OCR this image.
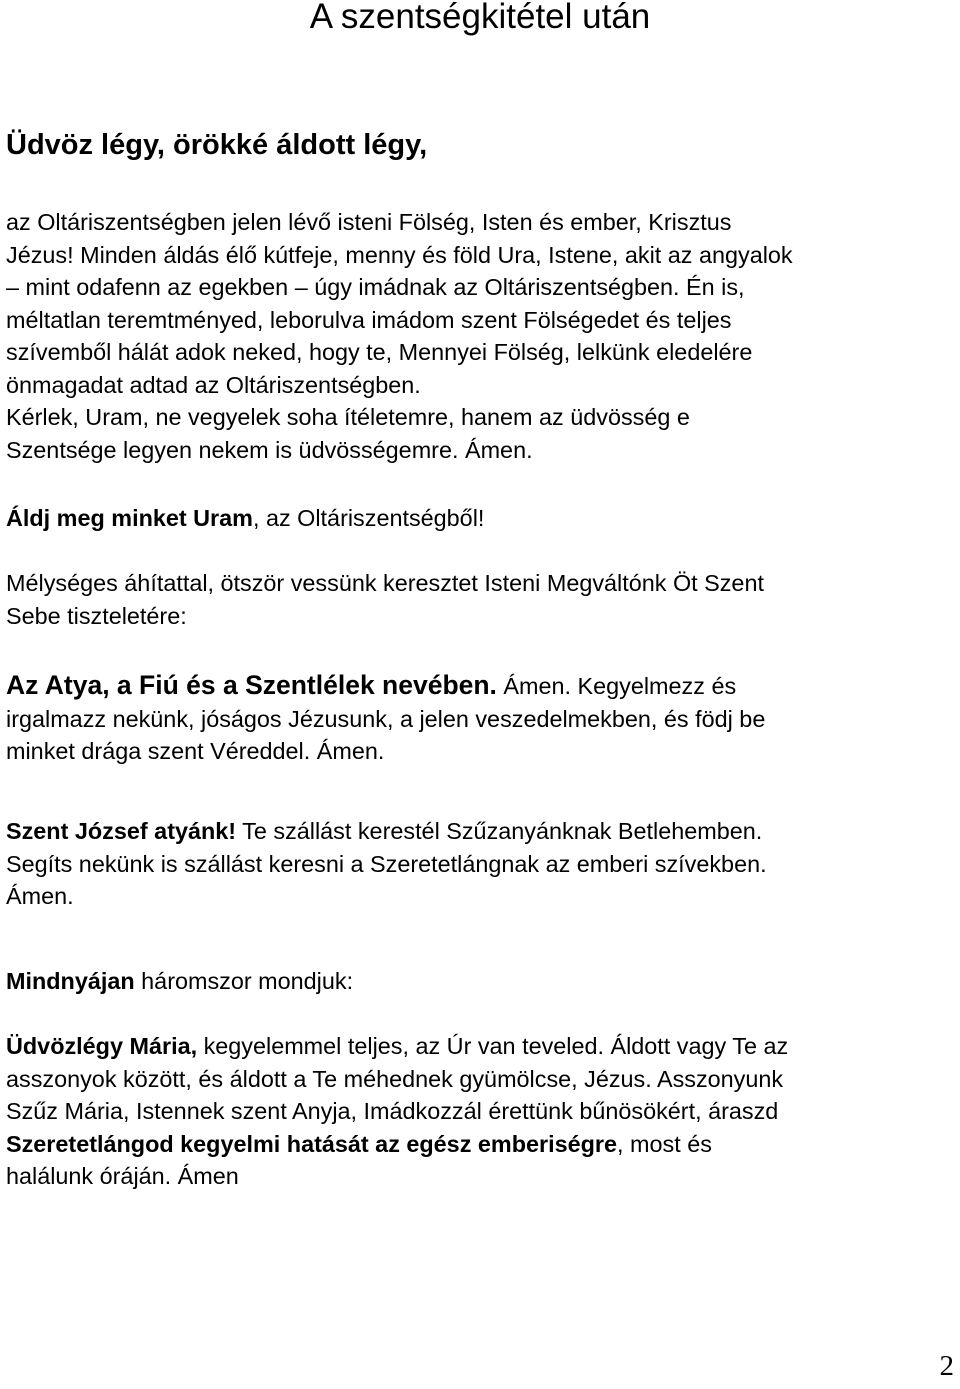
A szentségkitétel után
Üdvöz légy, örökké áldott légy,

az Oltáriszentségben jelen lévő isteni Fölség, Isten és ember, Krisztus
Jézus! Minden áldás élő kútfeje, menny és föld Ura, Istene, akit az angyalok
– mint odafenn az egekben – úgy imádnak az Oltáriszentségben. Én is,
méltatlan teremtményed, leborulva imádom szent Fölségedet és teljes
szívemből hálát adok neked, hogy te, Mennyei Fölség, lelkünk eledelére
önmagadat adtad az Oltáriszentségben.
Kérlek, Uram, ne vegyelek soha ítéletemre, hanem az üdvösség e
Szentsége legyen nekem is üdvösségemre. Ámen.

Áldj meg minket Uram, az Oltáriszentségből!

Mélységes áhítattal, ötször vessünk keresztet Isteni Megváltónk Öt Szent
Sebe tiszteletére:

Az Atya, a Fiú és a Szentlélek nevében. Ámen. Kegyelmezz és
irgalmazz nekünk, jóságos Jézusunk, a jelen veszedelmekben, és födj be
minket drága szent Véreddel. Ámen.

Szent József atyánk! Te szállást kerestél Szűzanyánknak Betlehemben.
Segíts nekünk is szállást keresni a Szeretetlángnak az emberi szívekben.
Ámen.

Mindnyájan háromszor mondjuk:

Üdvözlégy Mária, kegyelemmel teljes, az Úr van teveled. Áldott vagy Te az
asszonyok között, és áldott a Te méhednek gyümölcse, Jézus. Asszonyunk
Szűz Mária, Istennek szent Anyja, Imádkozzál érettünk bűnösökért, áraszd
Szeretetlángod kegyelmi hatását az egész emberiségre, most és
halálunk óráján. Ámen

2
